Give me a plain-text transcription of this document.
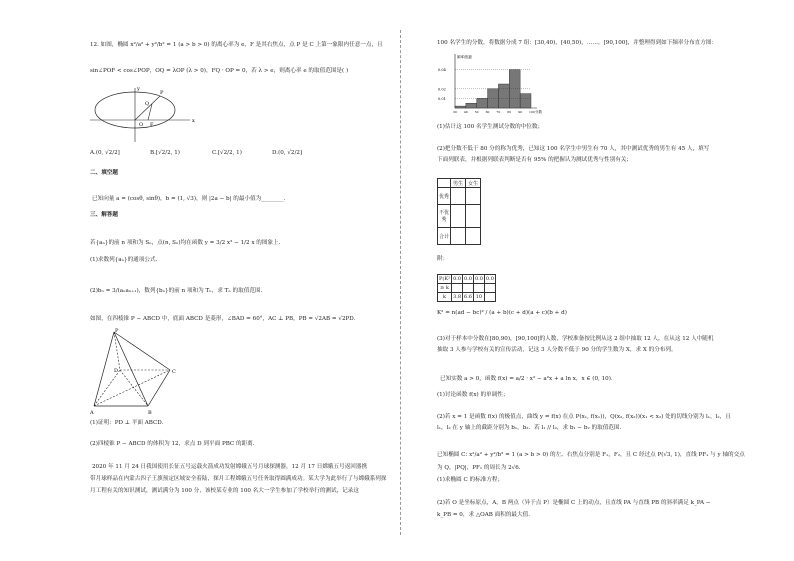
12. 如图，椭圆 x²/a² + y²/b² = 1 (a > b > 0) 的离心率为 e，F 是其右焦点，点 P 是 C 上第一象限内任意一点，且
sin∠POF < cos∠POP，OQ = λOP (λ > 0)，FQ · OP = 0，若 λ > e，则离心率 e 的取值范围是( )
O F
P
Q
x
y
A.(0, √2/2]	B.[√2/2, 1)	C.[√2/2, 1)	D.(0, √2/2]
二、填空题
已知向量 a = (cosθ, sinθ)，b = (1, √3)，则 |2a − b| 的最小值为________.
三、解答题
若{aₙ}的前 n 项和为 Sₙ，点(n, Sₙ)均在函数 y = 3/2 x² − 1/2 x 的图象上.
(1)求数列{aₙ}的通项公式.
(2)bₙ = 3/(aₙaₙ₊₁)，数列{bₙ}的前 n 项和为 Tₙ，求 Tₙ 的取值范围.
如图，在四棱锥 P − ABCD 中，底面 ABCD 是菱形，∠BAD = 60°，AC ⊥ PB，PB = √2AB = √2PD.
P
A	B
C
D
(1)证明：PD ⊥ 平面 ABCD.
(2)四棱锥 P − ABCD 的体积为 12，求点 D 到平面 PBC 的距离.
2020 年 11 月 24 日我国使用长征五号运载火箭成功发射嫦娥五号月球探测器，12 月 17 日嫦娥五号返回器携
带月球样品在内蒙古四子王旗预定区域安全着陆，探月工程嫦娥五号任务取得圆满成功。某大学为此举行了与嫦娥系列探
月工程有关的知识测试，测试满分为 100 分，该校某专业的 100 名大一学生参加了学校举行的测试，记录这
100 名学生的分数，将数据分成 7 组：[30,40)，[40,50)，……，[90,100]，并整理得到如下频率分布直方图：
频率/组距
分数
0.04
0.02
0.01
30 40 50 60 70 80 90 100
(1)估计这 100 名学生测试分数的中位数；
(2)把分数不低于 80 分的称为优秀，已知这 100 名学生中男生有 70 人，其中测试优秀的男生有 45 人，填写
下面列联表，并根据列联表判断是否有 95% 的把握认为测试优秀与性别有关；
	男生	女生
优秀		
不优秀		
合计		
附：
P(K²	0.0	0.0	0.0	0.0
≥ k				
k	3.8	6.6	10	
K² = n(ad − bc)² / (a + b)(c + d)(a + c)(b + d)
(3)对于样本中分数在[80,90)，[90,100]的人数，学校准备按比例从这 2 组中抽取 12 人，在从这 12 人中随机
抽取 3 人参与学校有关的宣传活动，记这 3 人分数不低于 90 分的学生数为 X，求 X 的分布列。
已知实数 a > 0，函数 f(x) = a/2 · x² − a²x + a ln x，x ∈ (0, 10).
(1)讨论函数 f(x) 的单调性；
(2)若 x = 1 是函数 f(x) 的极值点，曲线 y = f(x) 在点 P(x₁, f(x₁))，Q(x₂, f(x₂))(x₁ < x₂) 处的切线分别为 l₁，l₂，且
l₁，l₂ 在 y 轴上的截距分别为 b₁，b₂．若 l₁ // l₂，求 b₁ − b₂ 的取值范围.
已知椭圆 C: x²/a² + y²/b² = 1 (a > b > 0) 的左、右焦点分别是 F₁，F₂，且 C 经过点 P(√3, 1)，直线 PF₁ 与 y 轴的交点
为 Q，|PQ|，PF₁ 的周长为 2√6.
(1)求椭圆 C 的标准方程；
(2)若 O 是坐标原点，A，B 两点（异于点 P）是椭圆 C 上的动点，且直线 PA 与直线 PB 的斜率满足 k_PA −
k_PB = 0，求 △OAB 面积的最大值.
